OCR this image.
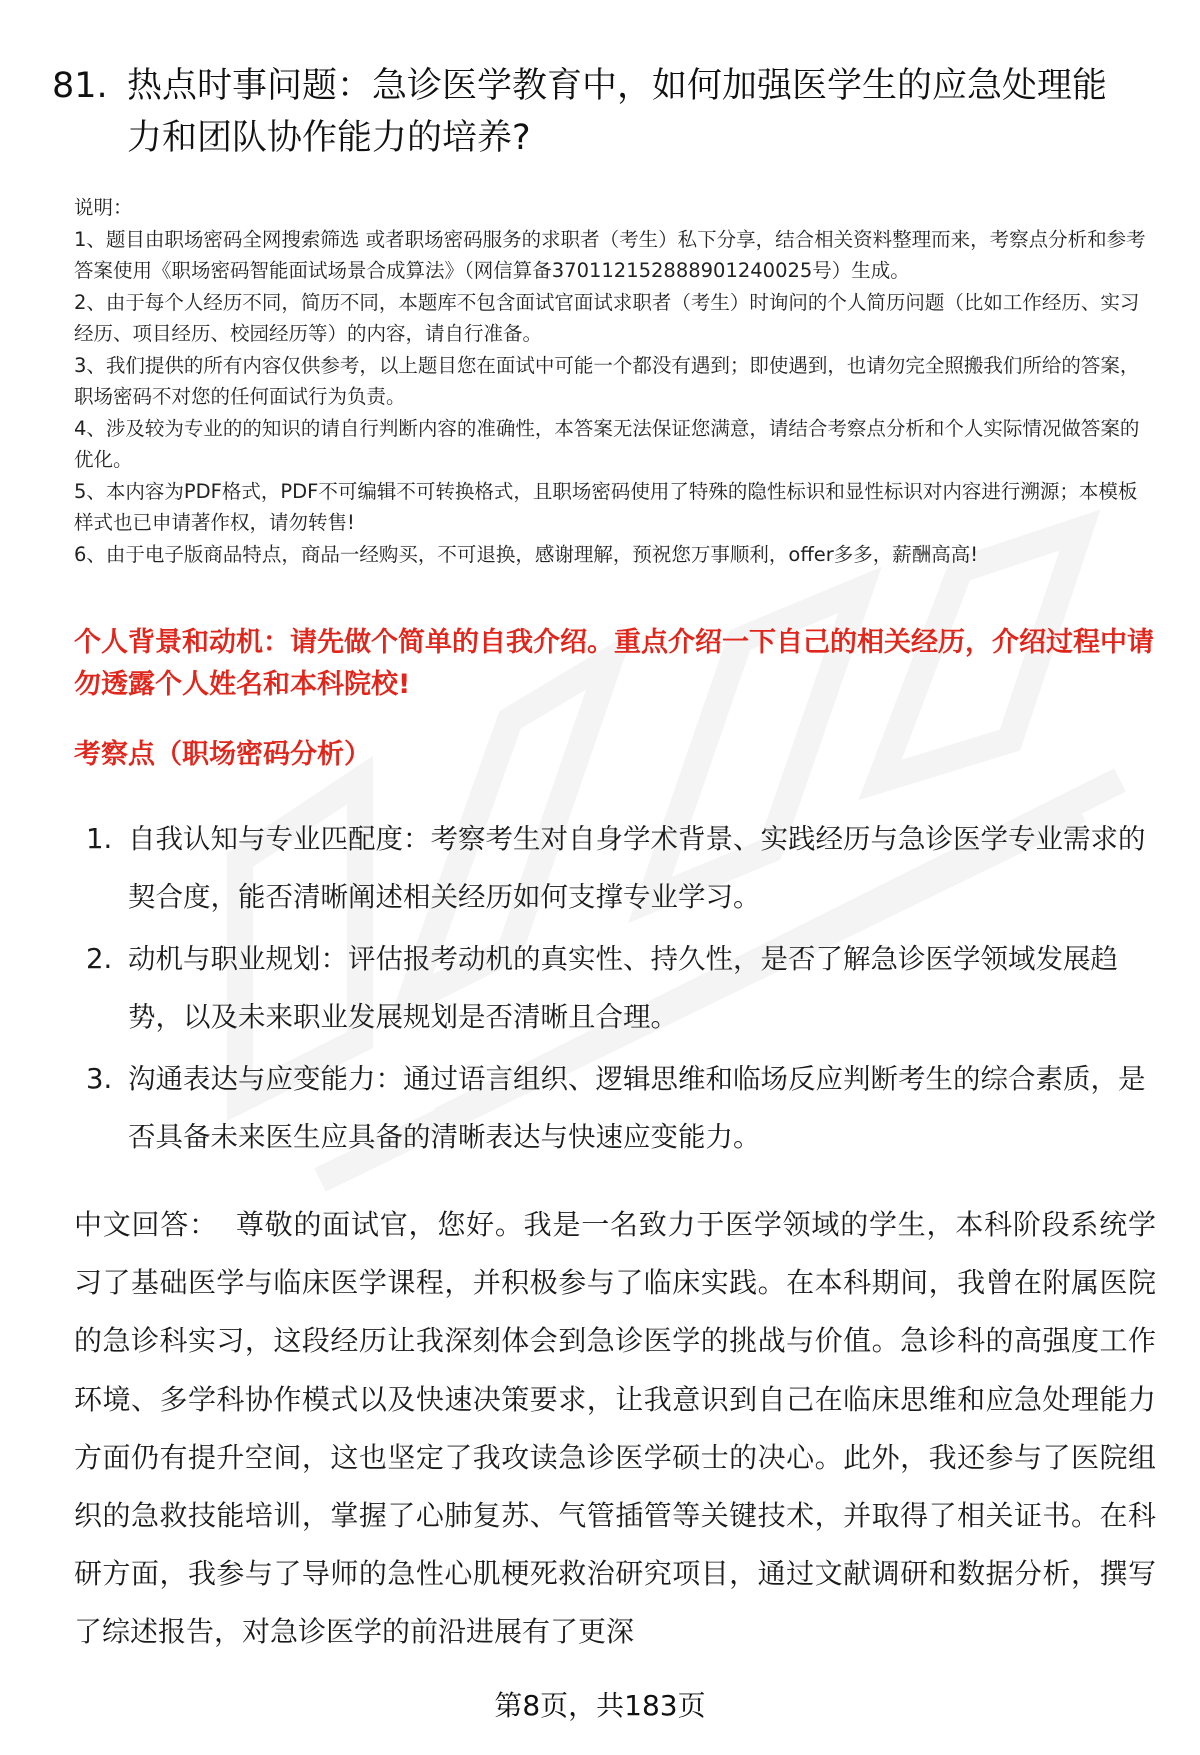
81. 热点时事问题：急诊医学教育中，如何加强医学生的应急处理能
力和团队协作能力的培养?

说明：

1、题目由职场密码全网搜索筛选 或者职场密码服务的求职者（考生）私下分享，结合相关资料整理而来，考察点分析和参考答案使用《职场密码智能面试场景合成算法》（网信算备370112152888901240025号）生成。

2、由于每个人经历不同，简历不同，本题库不包含面试官面试求职者（考生）时询问的个人简历问题（比如工作经历、实习经历、项目经历、校园经历等）的内容，请自行准备。

3、我们提供的所有内容仅供参考，以上题目您在面试中可能一个都没有遇到；即使遇到，也请勿完全照搬我们所给的答案，职场密码不对您的任何面试行为负责。

4、涉及较为专业的的知识的请自行判断内容的准确性，本答案无法保证您满意，请结合考察点分析和个人实际情况做答案的优化。

5、本内容为PDF格式，PDF不可编辑不可转换格式，且职场密码使用了特殊的隐性标识和显性标识对内容进行溯源；本模板样式也已申请著作权，请勿转售!

6、由于电子版商品特点，商品一经购买，不可退换，感谢理解，预祝您万事顺利，offer多多，薪酬高高!

个人背景和动机：请先做个简单的自我介绍。重点介绍一下自己的相关经历，介绍过程中请勿透露个人姓名和本科院校!
考察点（职场密码分析）
1. 自我认知与专业匹配度：考察考生对自身学术背景、实践经历与急诊医学专业需求的契合度，能否清晰阐述相关经历如何支撑专业学习。
2. 动机与职业规划：评估报考动机的真实性、持久性，是否了解急诊医学领域发展趋势，以及未来职业发展规划是否清晰且合理。
3. 沟通表达与应变能力：通过语言组织、逻辑思维和临场反应判断考生的综合素质，是否具备未来医生应具备的清晰表达与快速应变能力。
中文回答： 尊敬的面试官，您好。我是一名致力于医学领域的学生，本科阶段系统学习了基础医学与临床医学课程，并积极参与了临床实践。在本科期间，我曾在附属医院的急诊科实习，这段经历让我深刻体会到急诊医学的挑战与价值。急诊科的高强度工作环境、多学科协作模式以及快速决策要求，让我意识到自己在临床思维和应急处理能力方面仍有提升空间，这也坚定了我攻读急诊医学硕士的决心。此外，我还参与了医院组织的急救技能培训，掌握了心肺复苏、气管插管等关键技术，并取得了相关证书。在科研方面，我参与了导师的急性心肌梗死救治研究项目，通过文献调研和数据分析，撰写了综述报告，对急诊医学的前沿进展有了更深
第8页，共183页
